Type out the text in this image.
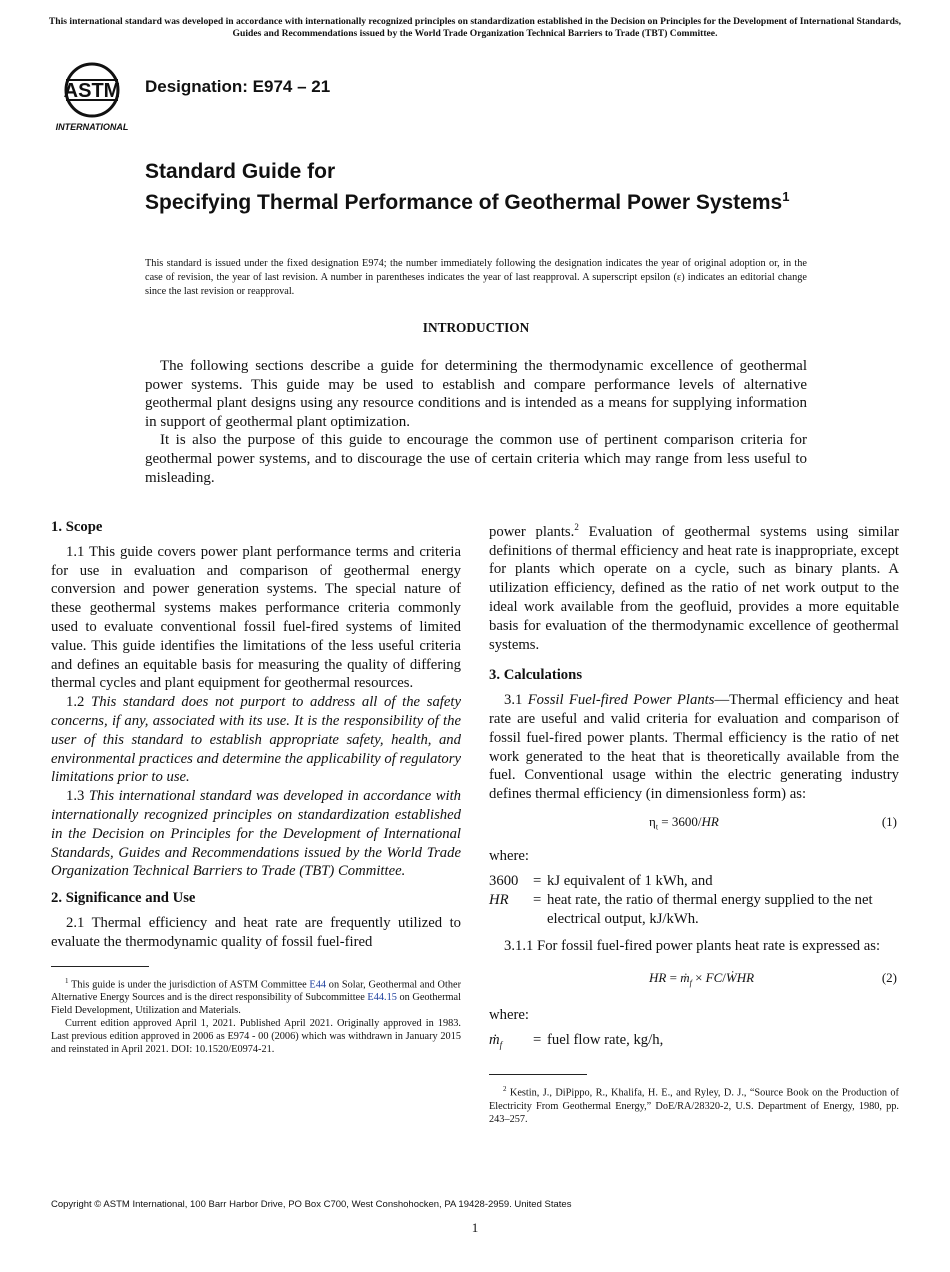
This international standard was developed in accordance with internationally recognized principles on standardization established in the Decision on Principles for the Development of International Standards, Guides and Recommendations issued by the World Trade Organization Technical Barriers to Trade (TBT) Committee.
ASTM
INTERNATIONAL
Designation: E974 – 21
Standard Guide for
Specifying Thermal Performance of Geothermal Power Systems$^1$
This standard is issued under the fixed designation E974; the number immediately following the designation indicates the year of original adoption or, in the case of revision, the year of last revision. A number in parentheses indicates the year of last reapproval. A superscript epsilon (ε) indicates an editorial change since the last revision or reapproval.
INTRODUCTION

The following sections describe a guide for determining the thermodynamic excellence of geothermal power systems. This guide may be used to establish and compare performance levels of alternative geothermal plant designs using any resource conditions and is intended as a means for supplying information in support of geothermal plant optimization.

It is also the purpose of this guide to encourage the common use of pertinent comparison criteria for geothermal power systems, and to discourage the use of certain criteria which may range from less useful to misleading.

1. Scope

1.1 This guide covers power plant performance terms and criteria for use in evaluation and comparison of geothermal energy conversion and power generation systems. The special nature of these geothermal systems makes performance criteria commonly used to evaluate conventional fossil fuel-fired systems of limited value. This guide identifies the limitations of the less useful criteria and defines an equitable basis for measuring the quality of differing thermal cycles and plant equipment for geothermal resources.

1.2 This standard does not purport to address all of the safety concerns, if any, associated with its use. It is the responsibility of the user of this standard to establish appropriate safety, health, and environmental practices and determine the applicability of regulatory limitations prior to use.

1.3 This international standard was developed in accordance with internationally recognized principles on standardization established in the Decision on Principles for the Development of International Standards, Guides and Recommendations issued by the World Trade Organization Technical Barriers to Trade (TBT) Committee.

2. Significance and Use

2.1 Thermal efficiency and heat rate are frequently utilized to evaluate the thermodynamic quality of fossil fuel-fired

$^1$ This guide is under the jurisdiction of ASTM Committee E44 on Solar, Geothermal and Other Alternative Energy Sources and is the direct responsibility of Subcommittee E44.15 on Geothermal Field Development, Utilization and Materials.

Current edition approved April 1, 2021. Published April 2021. Originally approved in 1983. Last previous edition approved in 2006 as E974 - 00 (2006) which was withdrawn in January 2015 and reinstated in April 2021. DOI: 10.1520/E0974-21.

power plants.$^2$ Evaluation of geothermal systems using similar definitions of thermal efficiency and heat rate is inappropriate, except for plants which operate on a cycle, such as binary plants. A utilization efficiency, defined as the ratio of net work output to the ideal work available from the geofluid, provides a more equitable basis for evaluation of the thermodynamic excellence of geothermal systems.

3. Calculations

3.1 Fossil Fuel-fired Power Plants—Thermal efficiency and heat rate are useful and valid criteria for evaluation and comparison of fossil fuel-fired power plants. Thermal efficiency is the ratio of net work generated to the heat that is theoretically available from the fuel. Conventional usage within the electric generating industry defines thermal efficiency (in dimensionless form) as:

$\eta_t = 3600/HR$	(1)

where:

3600 = kJ equivalent of 1 kWh, and
HR	= heat rate, the ratio of thermal energy supplied to the net electrical output, kJ/kWh.

3.1.1 For fossil fuel-fired power plants heat rate is expressed as:

HR = ṁ$_f$ × FC/ẆHR	(2)

where:

ṁ$_f$	= fuel flow rate, kg/h,

$^2$ Kestin, J., DiPippo, R., Khalifa, H. E., and Ryley, D. J., “Source Book on the Production of Electricity From Geothermal Energy,” DoE/RA/28320-2, U.S. Department of Energy, 1980, pp. 243–257.

Copyright © ASTM International, 100 Barr Harbor Drive, PO Box C700, West Conshohocken, PA 19428-2959. United States
1
